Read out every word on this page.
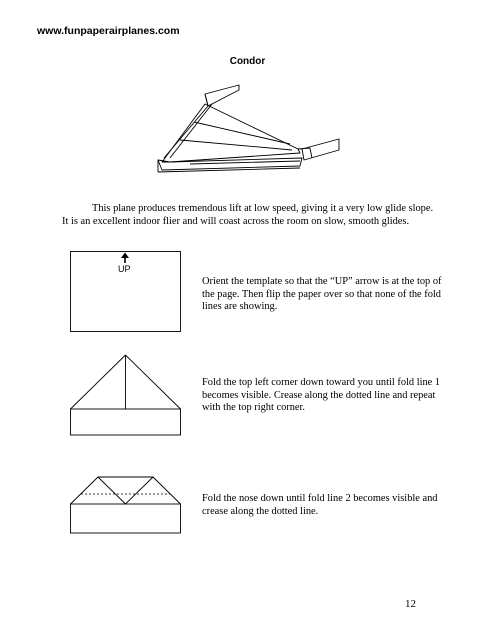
www.funpaperairplanes.com
Condor

This plane produces tremendous lift at low speed, giving it a very low glide slope. It is an excellent indoor flier and will coast across the room on slow, smooth glides.

UP

Orient the template so that the “UP” arrow is at the top of the page. Then flip the paper over so that none of the fold lines are showing.

Fold the top left corner down toward you until fold line 1 becomes visible. Crease along the dotted line and repeat with the top right corner.

Fold the nose down until fold line 2 becomes visible and crease along the dotted line.

12
